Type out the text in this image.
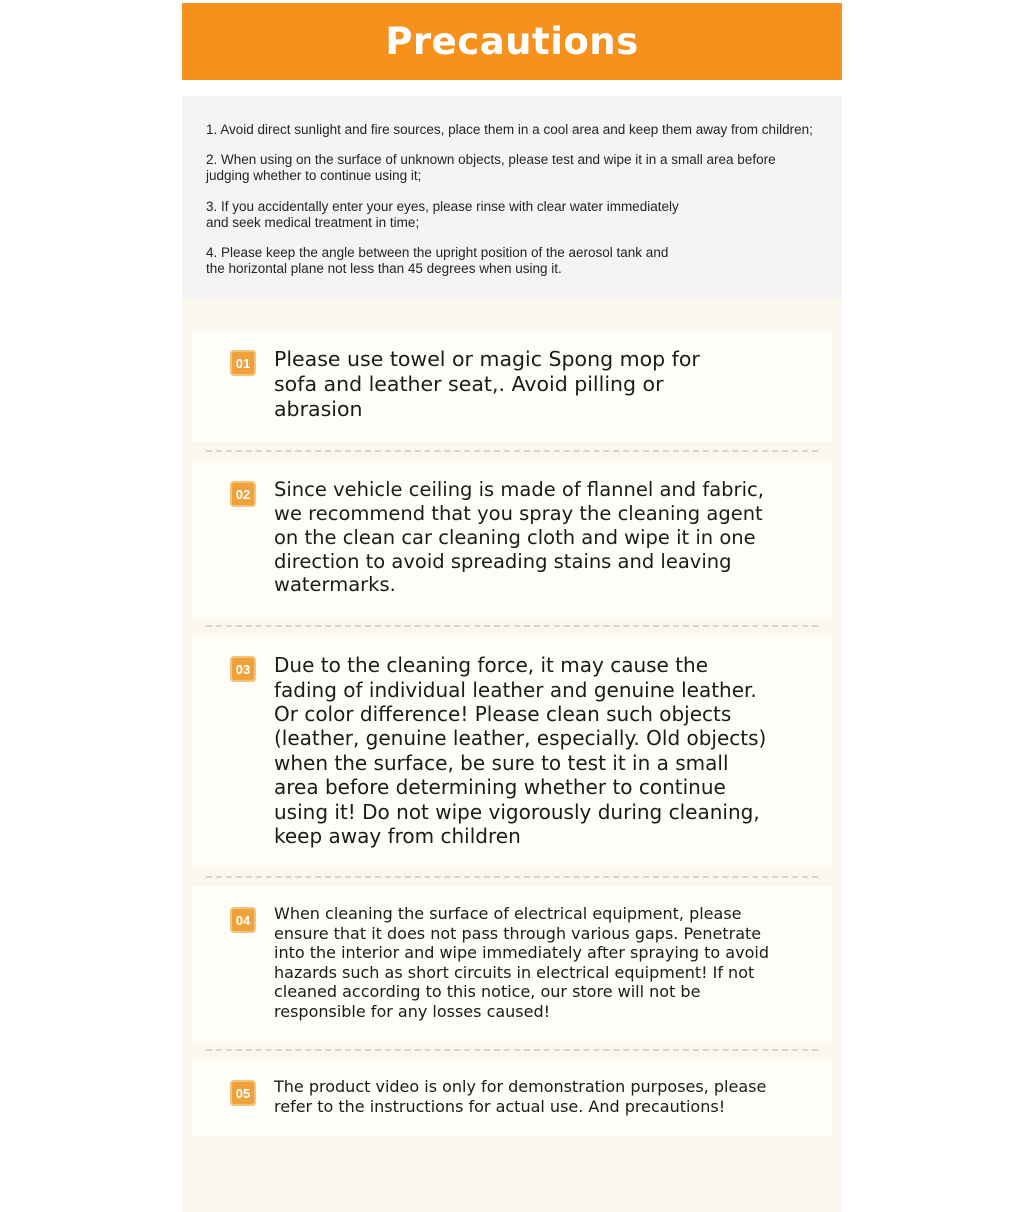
Precautions

1. Avoid direct sunlight and fire sources, place them in a cool area and keep them away from children;

2. When using on the surface of unknown objects, please test and wipe it in a small area before judging whether to continue using it;

3. If you accidentally enter your eyes, please rinse with clear water immediately and seek medical treatment in time;

4. Please keep the angle between the upright position of the aerosol tank and the horizontal plane not less than 45 degrees when using it.

01 Please use towel or magic Spong mop for sofa and leather seat,. Avoid pilling or abrasion
02 Since vehicle ceiling is made of flannel and fabric, we recommend that you spray the cleaning agent on the clean car cleaning cloth and wipe it in one direction to avoid spreading stains and leaving watermarks.
03 Due to the cleaning force, it may cause the fading of individual leather and genuine leather. Or color difference! Please clean such objects (leather, genuine leather, especially. Old objects) when the surface, be sure to test it in a small area before determining whether to continue using it! Do not wipe vigorously during cleaning, keep away from children
04	When cleaning the surface of electrical equipment, please ensure that it does not pass through various gaps. Penetrate into the interior and wipe immediately after spraying to avoid hazards such as short circuits in electrical equipment! If not cleaned according to this notice, our store will not be responsible for any losses caused!
05	The product video is only for demonstration purposes, please refer to the instructions for actual use. And precautions!
